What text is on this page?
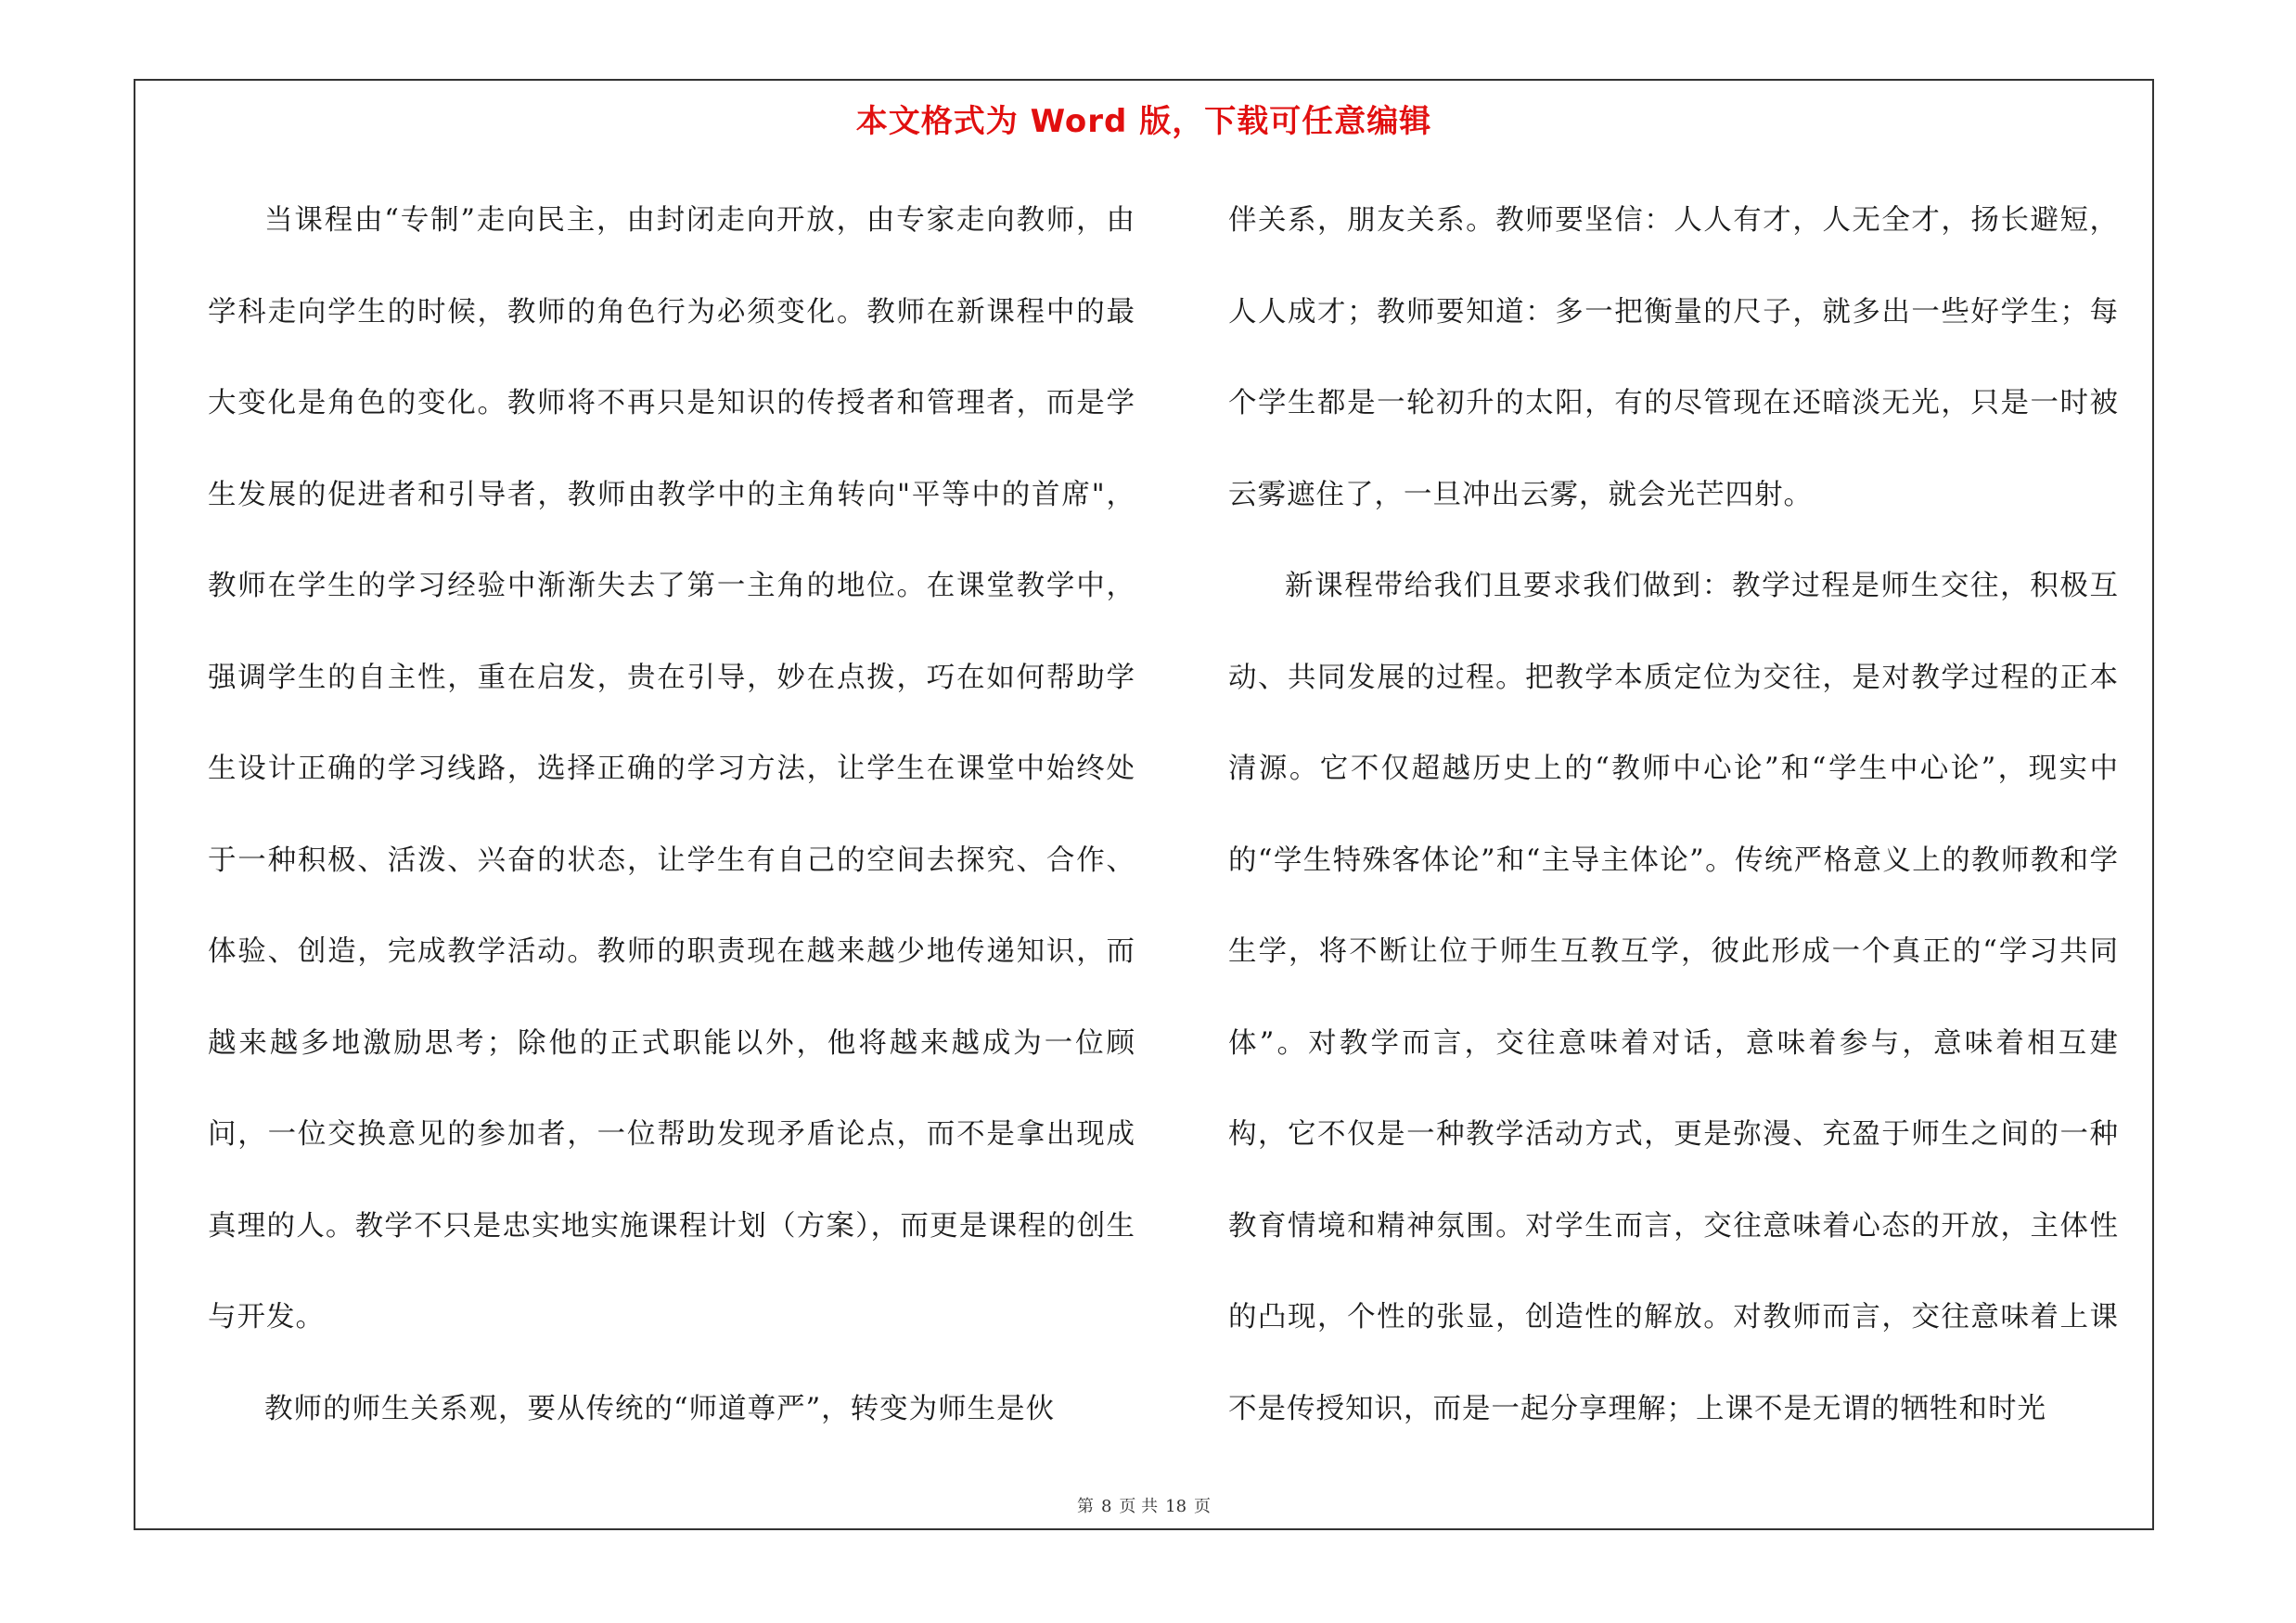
本文格式为 Word 版，下载可任意编辑

当课程由“专制”走向民主，由封闭走向开放，由专家走向教师，由学科走向学生的时候，教师的角色行为必须变化。教师在新课程中的最大变化是角色的变化。教师将不再只是知识的传授者和管理者，而是学生发展的促进者和引导者，教师由教学中的主角转向"平等中的首席"，教师在学生的学习经验中渐渐失去了第一主角的地位。在课堂教学中，强调学生的自主性，重在启发，贵在引导，妙在点拨，巧在如何帮助学生设计正确的学习线路，选择正确的学习方法，让学生在课堂中始终处于一种积极、活泼、兴奋的状态，让学生有自己的空间去探究、合作、体验、创造，完成教学活动。教师的职责现在越来越少地传递知识，而越来越多地激励思考；除他的正式职能以外，他将越来越成为一位顾问，一位交换意见的参加者，一位帮助发现矛盾论点，而不是拿出现成真理的人。教学不只是忠实地实施课程计划（方案），而更是课程的创生与开发。

教师的师生关系观，要从传统的“师道尊严”，转变为师生是伙

伴关系，朋友关系。教师要坚信：人人有才，人无全才，扬长避短，人人成才；教师要知道：多一把衡量的尺子，就多出一些好学生；每个学生都是一轮初升的太阳，有的尽管现在还暗淡无光，只是一时被云雾遮住了，一旦冲出云雾，就会光芒四射。

新课程带给我们且要求我们做到：教学过程是师生交往，积极互动、共同发展的过程。把教学本质定位为交往，是对教学过程的正本清源。它不仅超越历史上的“教师中心论”和“学生中心论”，现实中的“学生特殊客体论”和“主导主体论”。传统严格意义上的教师教和学生学，将不断让位于师生互教互学，彼此形成一个真正的“学习共同体”。对教学而言，交往意味着对话，意味着参与，意味着相互建构，它不仅是一种教学活动方式，更是弥漫、充盈于师生之间的一种教育情境和精神氛围。对学生而言，交往意味着心态的开放，主体性的凸现，个性的张显，创造性的解放。对教师而言，交往意味着上课不是传授知识，而是一起分享理解；上课不是无谓的牺牲和时光

第 8 页 共 18 页
